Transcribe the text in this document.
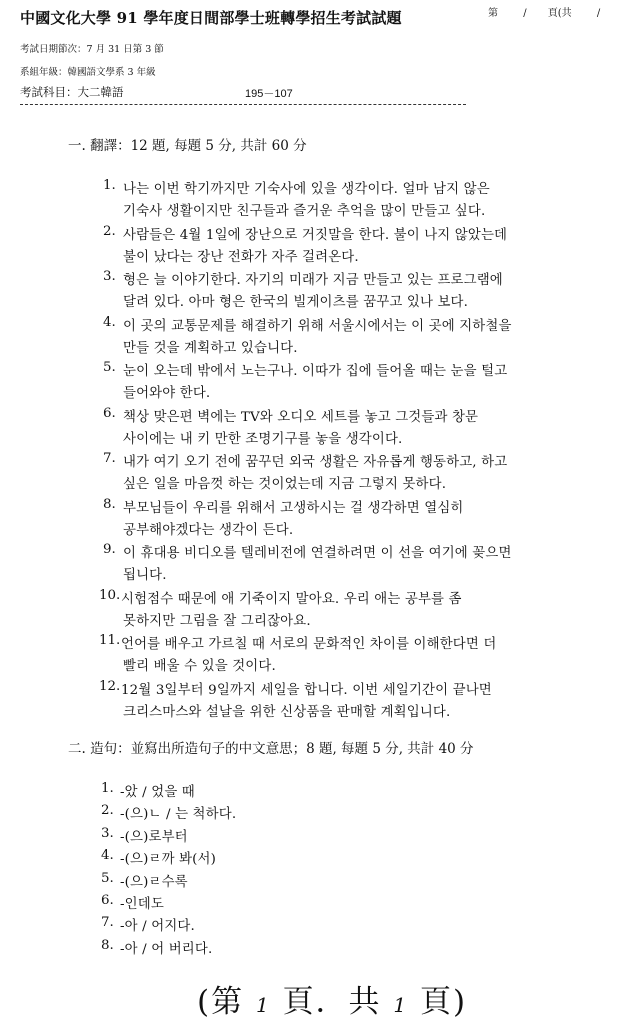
中國文化大學 91 學年度日間部學士班轉學招生考試試題	第	/ 頁(共	/
考試日期節次：7 月 31 日第 3 節
系組年級：韓國語文學系 3 年級
考試科目：大二韓語	195－107
一. 翻譯：12 題, 每題 5 分, 共計 60 分
1. 나는 이번 학기까지만 기숙사에 있을 생각이다. 얼마 남지 않은
기숙사 생활이지만 친구들과 즐거운 추억을 많이 만들고 싶다.
2. 사람들은 4월 1일에 장난으로 거짓말을 한다. 불이 나지 않았는데
불이 났다는 장난 전화가 자주 걸려온다.
3. 형은 늘 이야기한다. 자기의 미래가 지금 만들고 있는 프로그램에
달려 있다. 아마 형은 한국의 빌게이츠를 꿈꾸고 있나 보다.
4. 이 곳의 교통문제를 해결하기 위해 서울시에서는 이 곳에 지하철을
만들 것을 계획하고 있습니다.
5. 눈이 오는데 밖에서 노는구나. 이따가 집에 들어올 때는 눈을 털고
들어와야 한다.
6. 책상 맞은편 벽에는 TV와 오디오 세트를 놓고 그것들과 창문
사이에는 내 키 만한 조명기구를 놓을 생각이다.
7. 내가 여기 오기 전에 꿈꾸던 외국 생활은 자유롭게 행동하고, 하고
싶은 일을 마음껏 하는 것이었는데 지금 그렇지 못하다.
8. 부모님들이 우리를 위해서 고생하시는 걸 생각하면 열심히
공부해야겠다는 생각이 든다.
9. 이 휴대용 비디오를 텔레비전에 연결하려면 이 선을 여기에 꽂으면
됩니다.
10. 시험점수 때문에 애 기죽이지 말아요. 우리 애는 공부를 좀
못하지만 그림을 잘 그리잖아요.
11. 언어를 배우고 가르칠 때 서로의 문화적인 차이를 이해한다면 더
빨리 배울 수 있을 것이다.
12. 12월 3일부터 9일까지 세일을 합니다. 이번 세일기간이 끝나면
크리스마스와 설날을 위한 신상품을 판매할 계획입니다.
二. 造句：並寫出所造句子的中文意思；8 題, 每題 5 分, 共計 40 分
1. -았 / 었을 때
2. -(으)ㄴ / 는 척하다.
3. -(으)로부터
4. -(으)ㄹ까 봐(서)
5. -(으)ㄹ수록
6. -인데도
7. -아 / 어지다.
8. -아 / 어 버리다.
(第 1 頁．共 1 頁)
